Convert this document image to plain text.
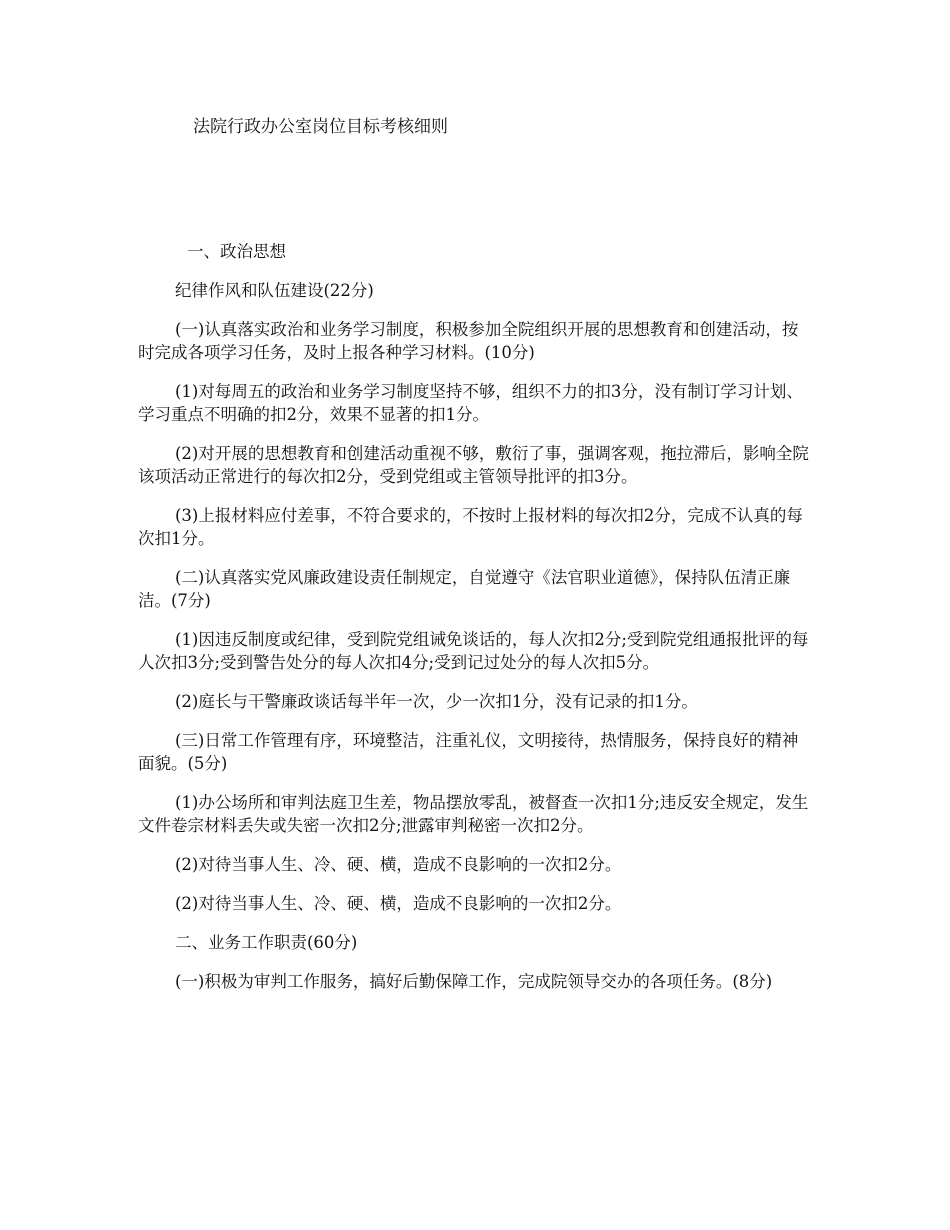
法院行政办公室岗位目标考核细则

一、政治思想

纪律作风和队伍建设(22分)

(一)认真落实政治和业务学习制度，积极参加全院组织开展的思想教育和创建活动，按时完成各项学习任务，及时上报各种学习材料。(10分)

(1)对每周五的政治和业务学习制度坚持不够，组织不力的扣3分，没有制订学习计划、学习重点不明确的扣2分，效果不显著的扣1分。

(2)对开展的思想教育和创建活动重视不够，敷衍了事，强调客观，拖拉滞后，影响全院该项活动正常进行的每次扣2分，受到党组或主管领导批评的扣3分。

(3)上报材料应付差事，不符合要求的，不按时上报材料的每次扣2分，完成不认真的每次扣1分。

(二)认真落实党风廉政建设责任制规定，自觉遵守《法官职业道德》，保持队伍清正廉洁。(7分)

(1)因违反制度或纪律，受到院党组诫免谈话的，每人次扣2分;受到院党组通报批评的每人次扣3分;受到警告处分的每人次扣4分;受到记过处分的每人次扣5分。

(2)庭长与干警廉政谈话每半年一次，少一次扣1分，没有记录的扣1分。

(三)日常工作管理有序，环境整洁，注重礼仪，文明接待，热情服务，保持良好的精神面貌。(5分)

(1)办公场所和审判法庭卫生差，物品摆放零乱，被督查一次扣1分;违反安全规定，发生文件卷宗材料丢失或失密一次扣2分;泄露审判秘密一次扣2分。

(2)对待当事人生、冷、硬、横，造成不良影响的一次扣2分。

(2)对待当事人生、冷、硬、横，造成不良影响的一次扣2分。

二、业务工作职责(60分)

(一)积极为审判工作服务，搞好后勤保障工作，完成院领导交办的各项任务。(8分)
